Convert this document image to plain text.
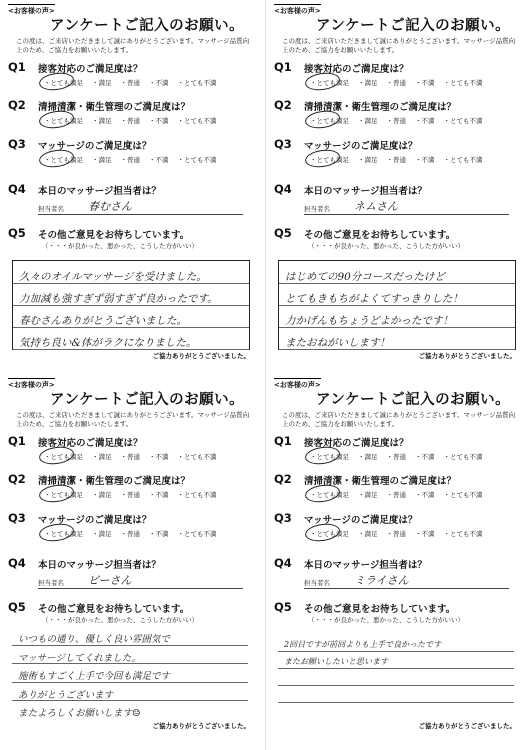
<お客様の声>
アンケートご記入のお願い。
この度は、ご来店いただきまして誠にありがとうございます。マッサージ品質向上のため、ご協力をお願いいたします。
Q1 接客対応のご満足度は？
・とても満足 ・満足 ・普通 ・不満 ・とても不満
Q2 清掃清潔・衛生管理のご満足度は？
・とても満足 ・満足 ・普通 ・不満 ・とても不満
Q3 マッサージのご満足度は？
・とても満足 ・満足 ・普通 ・不満 ・とても不満
Q4 本日のマッサージ担当者は？
担当者名 春むさん
Q5 その他ご意見をお待ちしています。
（・・・が良かった、悪かった、こうした方がいい）
久々のオイルマッサージを受けました。
力加減も強すぎず弱すぎず良かったです。
春むさんありがとうございました。
気持ち良い&体がラクになりました。
ご協力ありがとうございました。
<お客様の声>
アンケートご記入のお願い。
この度は、ご来店いただきまして誠にありがとうございます。マッサージ品質向上のため、ご協力をお願いいたします。
Q1 接客対応のご満足度は？
・とても満足 ・満足 ・普通 ・不満 ・とても不満
Q2 清掃清潔・衛生管理のご満足度は？
・とても満足 ・満足 ・普通 ・不満 ・とても不満
Q3 マッサージのご満足度は？
・とても満足 ・満足 ・普通 ・不満 ・とても不満
Q4 本日のマッサージ担当者は？
担当者名 ネムさん
Q5 その他ご意見をお待ちしています。
（・・・が良かった、悪かった、こうした方がいい）
はじめての90分コースだったけど
とてもきもちがよくてすっきりした！
力かげんもちょうどよかったです！
またおねがいします！
ご協力ありがとうございました。
<お客様の声>
アンケートご記入のお願い。
この度は、ご来店いただきまして誠にありがとうございます。マッサージ品質向上のため、ご協力をお願いいたします。
Q1 接客対応のご満足度は？
・とても満足 ・満足 ・普通 ・不満 ・とても不満
Q2 清掃清潔・衛生管理のご満足度は？
・とても満足 ・満足 ・普通 ・不満 ・とても不満
Q3 マッサージのご満足度は？
・とても満足 ・満足 ・普通 ・不満 ・とても不満
Q4 本日のマッサージ担当者は？
担当者名 ビーさん
Q5 その他ご意見をお待ちしています。
（・・・が良かった、悪かった、こうした方がいい）
いつもの通り、優しく良い雰囲気で
マッサージしてくれました。
施術もすごく上手で今回も満足です
ありがとうございます
またよろしくお願いします☺
ご協力ありがとうございました。
<お客様の声>
アンケートご記入のお願い。
この度は、ご来店いただきまして誠にありがとうございます。マッサージ品質向上のため、ご協力をお願いいたします。
Q1 接客対応のご満足度は？
・とても満足 ・満足 ・普通 ・不満 ・とても不満
Q2 清掃清潔・衛生管理のご満足度は？
・とても満足 ・満足 ・普通 ・不満 ・とても不満
Q3 マッサージのご満足度は？
・とても満足 ・満足 ・普通 ・不満 ・とても不満
Q4 本日のマッサージ担当者は？
担当者名 ミライさん
Q5 その他ご意見をお待ちしています。
（・・・が良かった、悪かった、こうした方がいい）
2回目ですが前回よりも上手で良かったです
またお願いしたいと思います
ご協力ありがとうございました。
